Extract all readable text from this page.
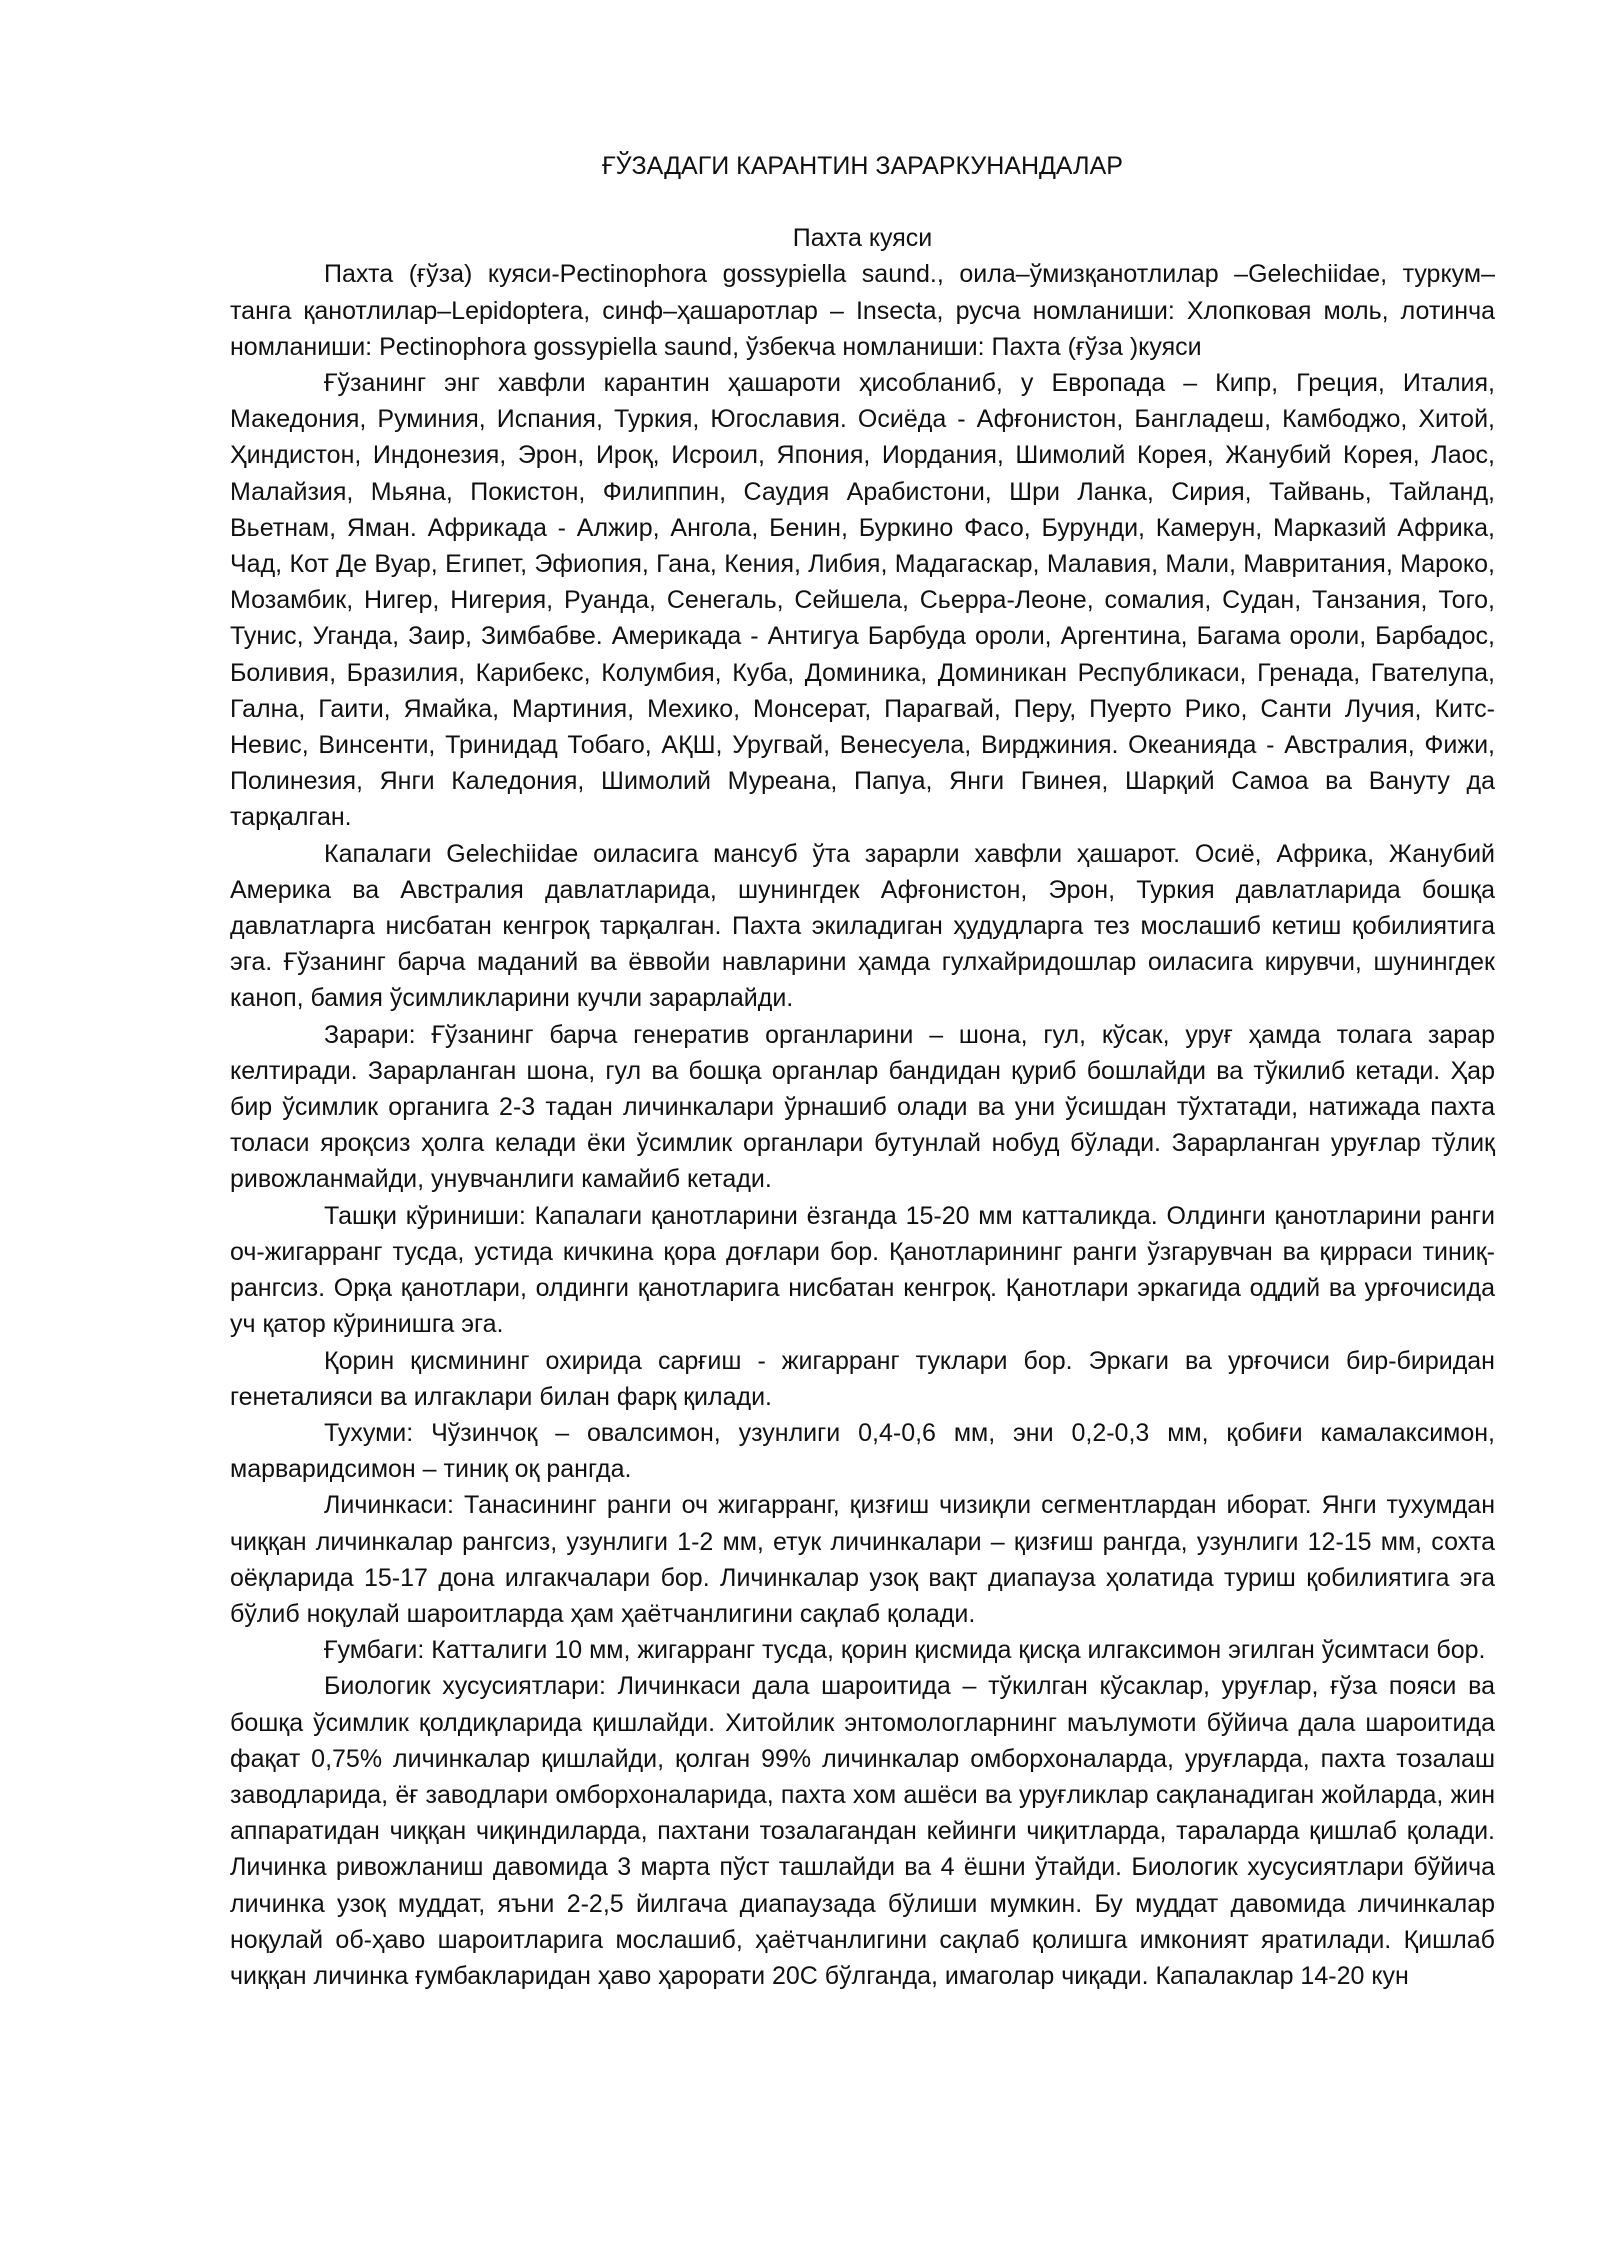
ҒЎЗАДАГИ КАРАНТИН ЗАРАРКУНАНДАЛАР
Пахта куяси

Пахта (ғўза) куяси-Pectinophora gossypiella saund., оила–ўмизқанотлилар –Gelechiidae, туркум–танга қанотлилар–Lepidoptera, синф–ҳашаротлар – Insecta, русча номланиши: Хлопковая моль, лотинча номланиши: Pectinophora gossypiella saund, ўзбекча номланиши: Пахта (ғўза )куяси

Ғўзанинг энг хавфли карантин ҳашароти ҳисобланиб, у Европада – Кипр, Греция, Италия, Македония, Руминия, Испания, Туркия, Югославия. Осиёда - Афғонистон, Бангладеш, Камбоджо, Хитой, Ҳиндистон, Индонезия, Эрон, Ироқ, Исроил, Япония, Иордания, Шимолий Корея, Жанубий Корея, Лаос, Малайзия, Мьяна, Покистон, Филиппин, Саудия Арабистони, Шри Ланка, Сирия, Тайвань, Тайланд, Вьетнам, Яман. Африкада - Алжир, Ангола, Бенин, Буркино Фасо, Бурунди, Камерун, Марказий Африка, Чад, Кот Де Вуар, Египет, Эфиопия, Гана, Кения, Либия, Мадагаскар, Малавия, Мали, Мавритания, Мароко, Мозамбик, Нигер, Нигерия, Руанда, Сенегаль, Сейшела, Сьерра-Леоне, сомалия, Судан, Танзания, Того, Тунис, Уганда, Заир, Зимбабве. Америкада - Антигуа Барбуда ороли, Аргентина, Багама ороли, Барбадос, Боливия, Бразилия, Карибекс, Колумбия, Куба, Доминика, Доминикан Республикаси, Гренада, Гвателупа, Гална, Гаити, Ямайка, Мартиния, Мехико, Монсерат, Парагвай, Перу, Пуерто Рико, Санти Лучия, Китс-Невис, Винсенти, Тринидад Тобаго, АҚШ, Уругвай, Венесуела, Вирджиния. Океанияда - Австралия, Фижи, Полинезия, Янги Каледония, Шимолий Муреана, Папуа, Янги Гвинея, Шарқий Самоа ва Вануту да тарқалган.

Капалаги Gelechiidae оиласига мансуб ўта зарарли хавфли ҳашарот. Осиё, Африка, Жанубий Америка ва Австралия давлатларида, шунингдек Афғонистон, Эрон, Туркия давлатларида бошқа давлатларга нисбатан кенгроқ тарқалган. Пахта экиладиган ҳудудларга тез мослашиб кетиш қобилиятига эга. Ғўзанинг барча маданий ва ёввойи навларини ҳамда гулхайридошлар оиласига кирувчи, шунингдек каноп, бамия ўсимликларини кучли зарарлайди.

Зарари: Ғўзанинг барча генератив органларини – шона, гул, кўсак, уруғ ҳамда толага зарар келтиради. Зарарланган шона, гул ва бошқа органлар бандидан қуриб бошлайди ва тўкилиб кетади. Ҳар бир ўсимлик органига 2-3 тадан личинкалари ўрнашиб олади ва уни ўсишдан тўхтатади, натижада пахта толаси яроқсиз ҳолга келади ёки ўсимлик органлари бутунлай нобуд бўлади. Зарарланган уруғлар тўлиқ ривожланмайди, унувчанлиги камайиб кетади.

Ташқи кўриниши: Капалаги қанотларини ёзганда 15-20 мм катталикда. Олдинги қанотларини ранги оч-жигарранг тусда, устида кичкина қора доғлари бор. Қанотларининг ранги ўзгарувчан ва қирраси тиниқ-рангсиз. Орқа қанотлари, олдинги қанотларига нисбатан кенгроқ. Қанотлари эркагида оддий ва урғочисида уч қатор кўринишга эга.

Қорин қисмининг охирида сарғиш - жигарранг туклари бор. Эркаги ва урғочиси бир-биридан генеталияси ва илгаклари билан фарқ қилади.

Тухуми: Чўзинчоқ – овалсимон, узунлиги 0,4-0,6 мм, эни 0,2-0,3 мм, қобиғи камалаксимон, марваридсимон – тиниқ оқ рангда.

Личинкаси: Танасининг ранги оч жигарранг, қизғиш чизиқли сегментлардан иборат. Янги тухумдан чиққан личинкалар рангсиз, узунлиги 1-2 мм, етук личинкалари – қизғиш рангда, узунлиги 12-15 мм, сохта оёқларида 15-17 дона илгакчалари бор. Личинкалар узоқ вақт диапауза ҳолатида туриш қобилиятига эга бўлиб ноқулай шароитларда ҳам ҳаётчанлигини сақлаб қолади.

Ғумбаги: Катталиги 10 мм, жигарранг тусда, қорин қисмида қисқа илгаксимон эгилган ўсимтаси бор.

Биологик хусусиятлари: Личинкаси дала шароитида – тўкилган кўсаклар, уруғлар, ғўза пояси ва бошқа ўсимлик қолдиқларида қишлайди. Хитойлик энтомологларнинг маълумоти бўйича дала шароитида фақат 0,75% личинкалар қишлайди, қолган 99% личинкалар омборхоналарда, уруғларда, пахта тозалаш заводларида, ёғ заводлари омборхоналарида, пахта хом ашёси ва уруғликлар сақланадиган жойларда, жин аппаратидан чиққан чиқиндиларда, пахтани тозалагандан кейинги чиқитларда, тараларда қишлаб қолади. Личинка ривожланиш давомида 3 марта пўст ташлайди ва 4 ёшни ўтайди. Биологик хусусиятлари бўйича личинка узоқ муддат, яъни 2-2,5 йилгача диапаузада бўлиши мумкин. Бу муддат давомида личинкалар ноқулай об-ҳаво шароитларига мослашиб, ҳаётчанлигини сақлаб қолишга имконият яратилади. Қишлаб чиққан личинка ғумбакларидан ҳаво ҳарорати 20С бўлганда, имаголар чиқади. Капалаклар 14-20 кун
